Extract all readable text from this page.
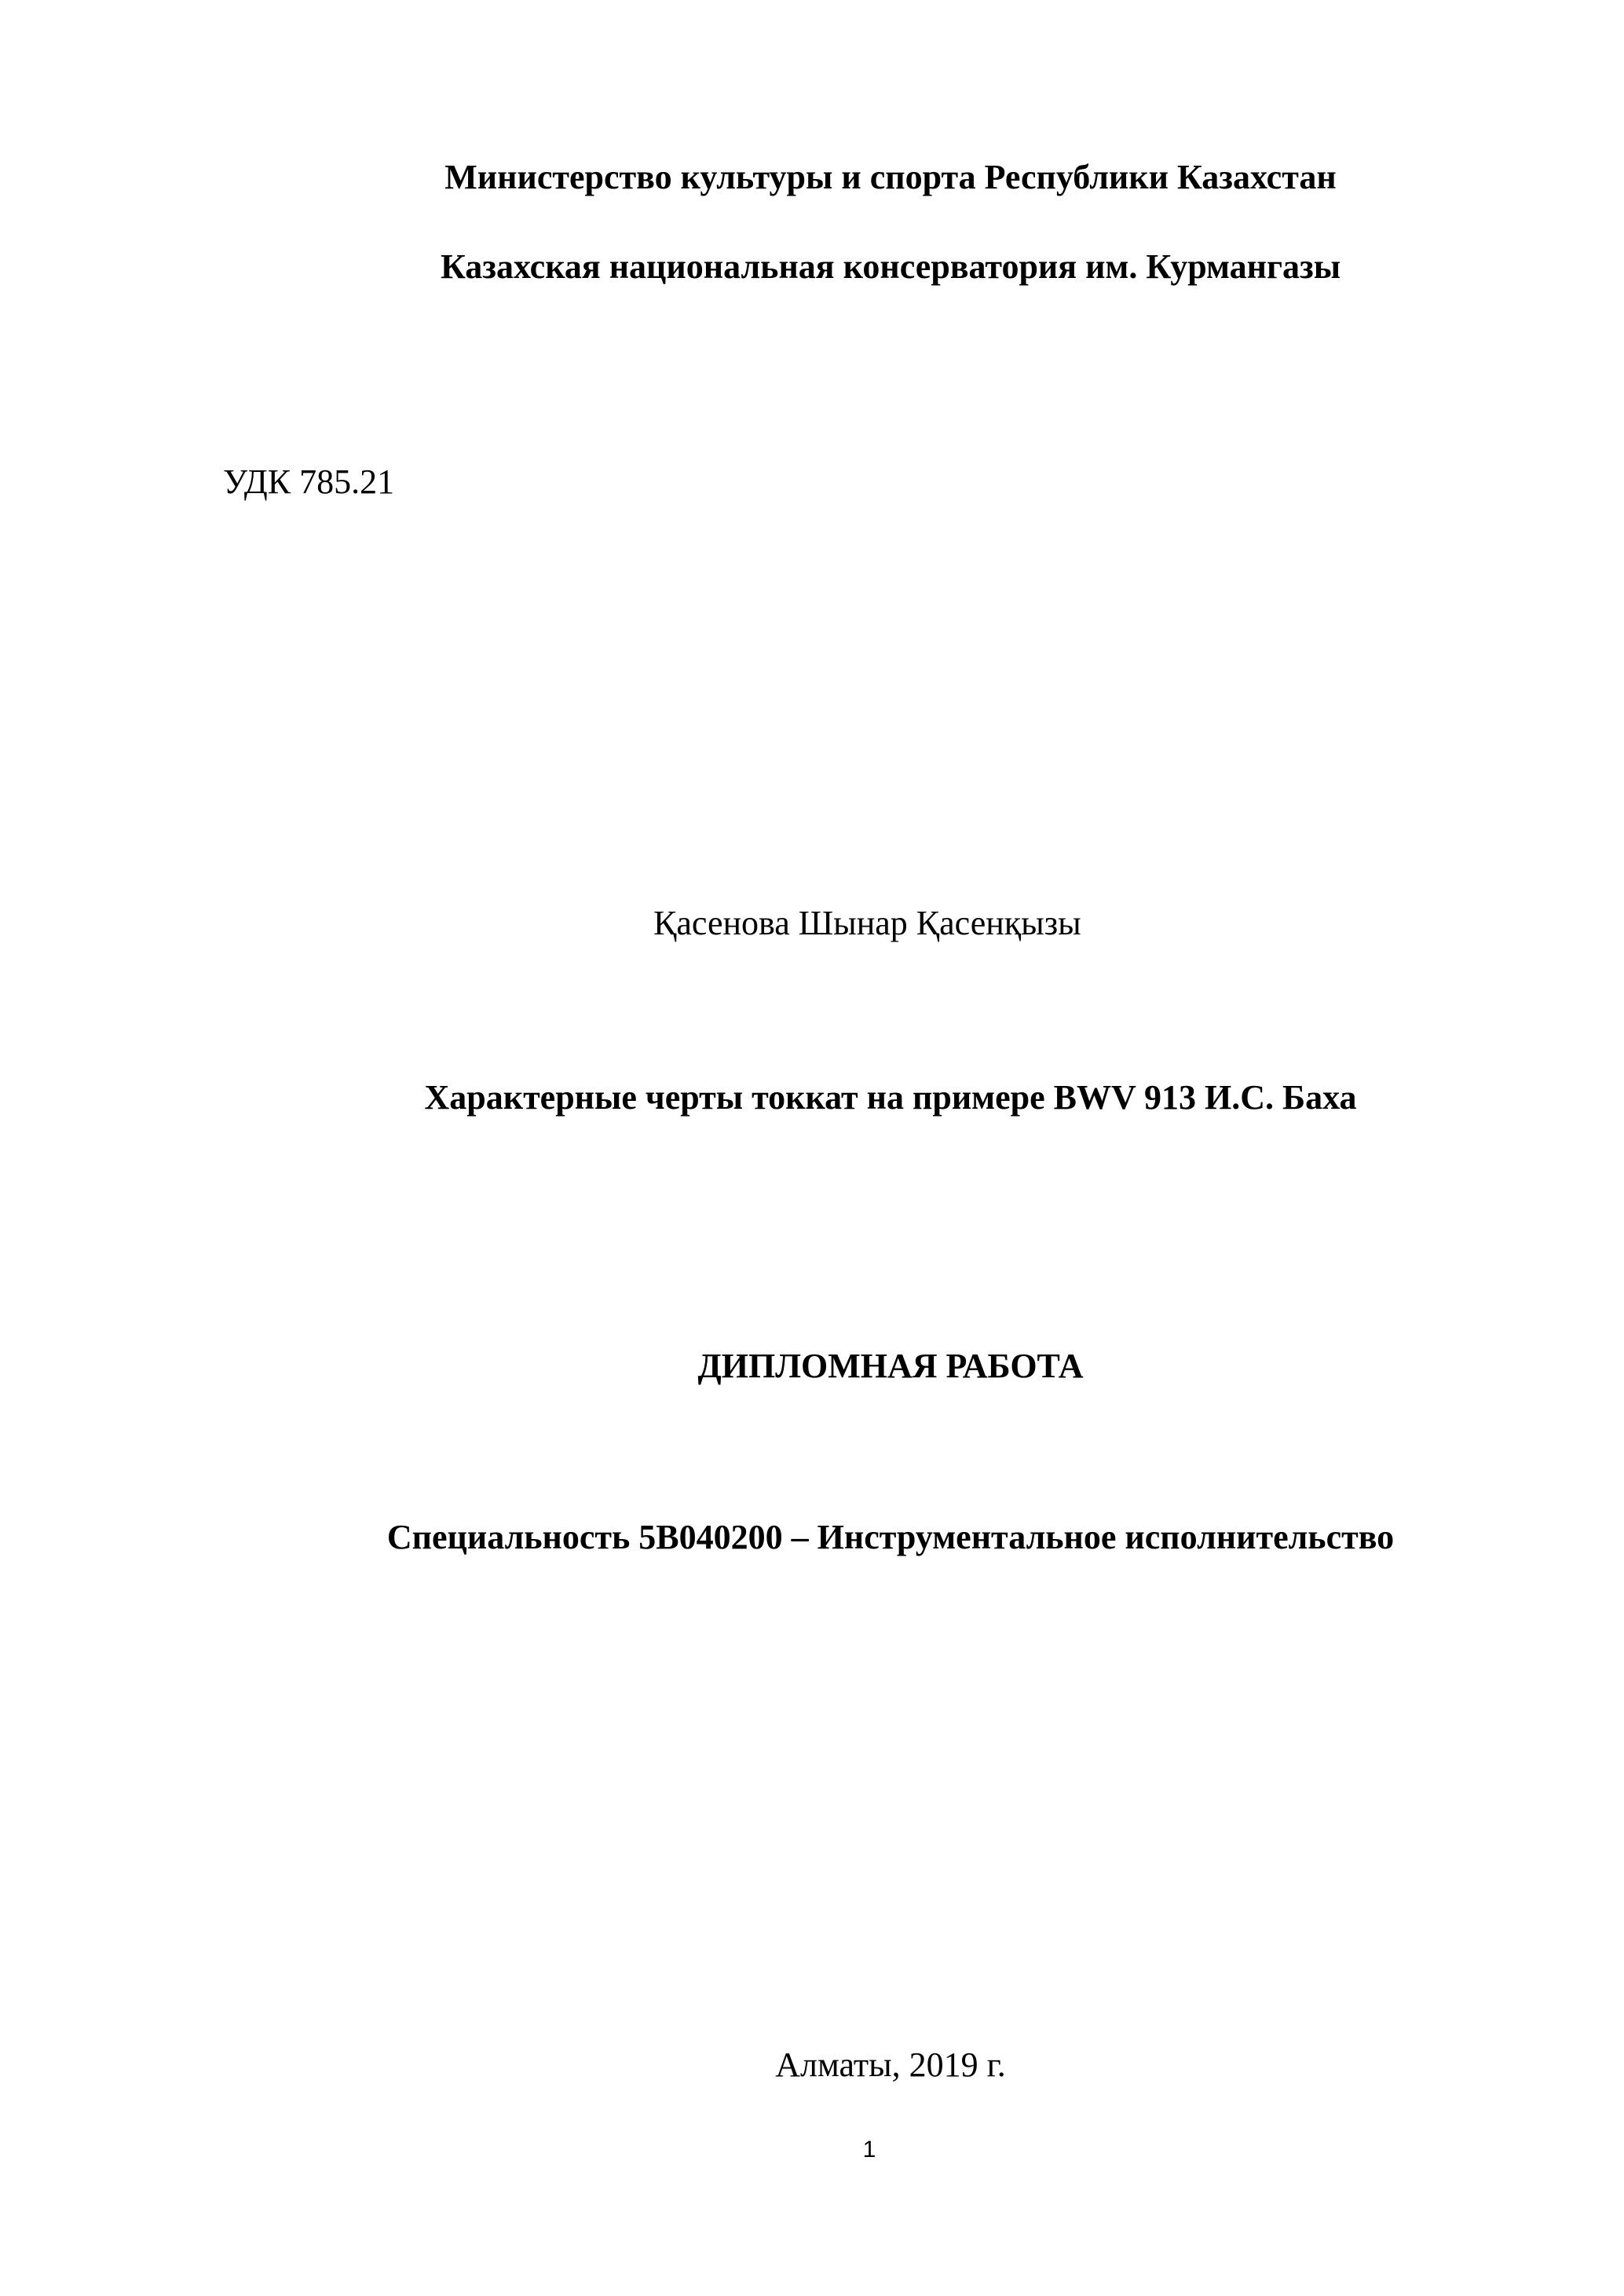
Министерство культуры и спорта Республики Казахстан
Казахская национальная консерватория им. Курмангазы
УДК 785.21
Қасенова Шынар Қасенқызы
Характерные черты токкат на примере BWV 913 И.С. Баха
ДИПЛОМНАЯ РАБОТА
Специальность 5В040200 – Инструментальное исполнительство
Алматы, 2019 г.
1
